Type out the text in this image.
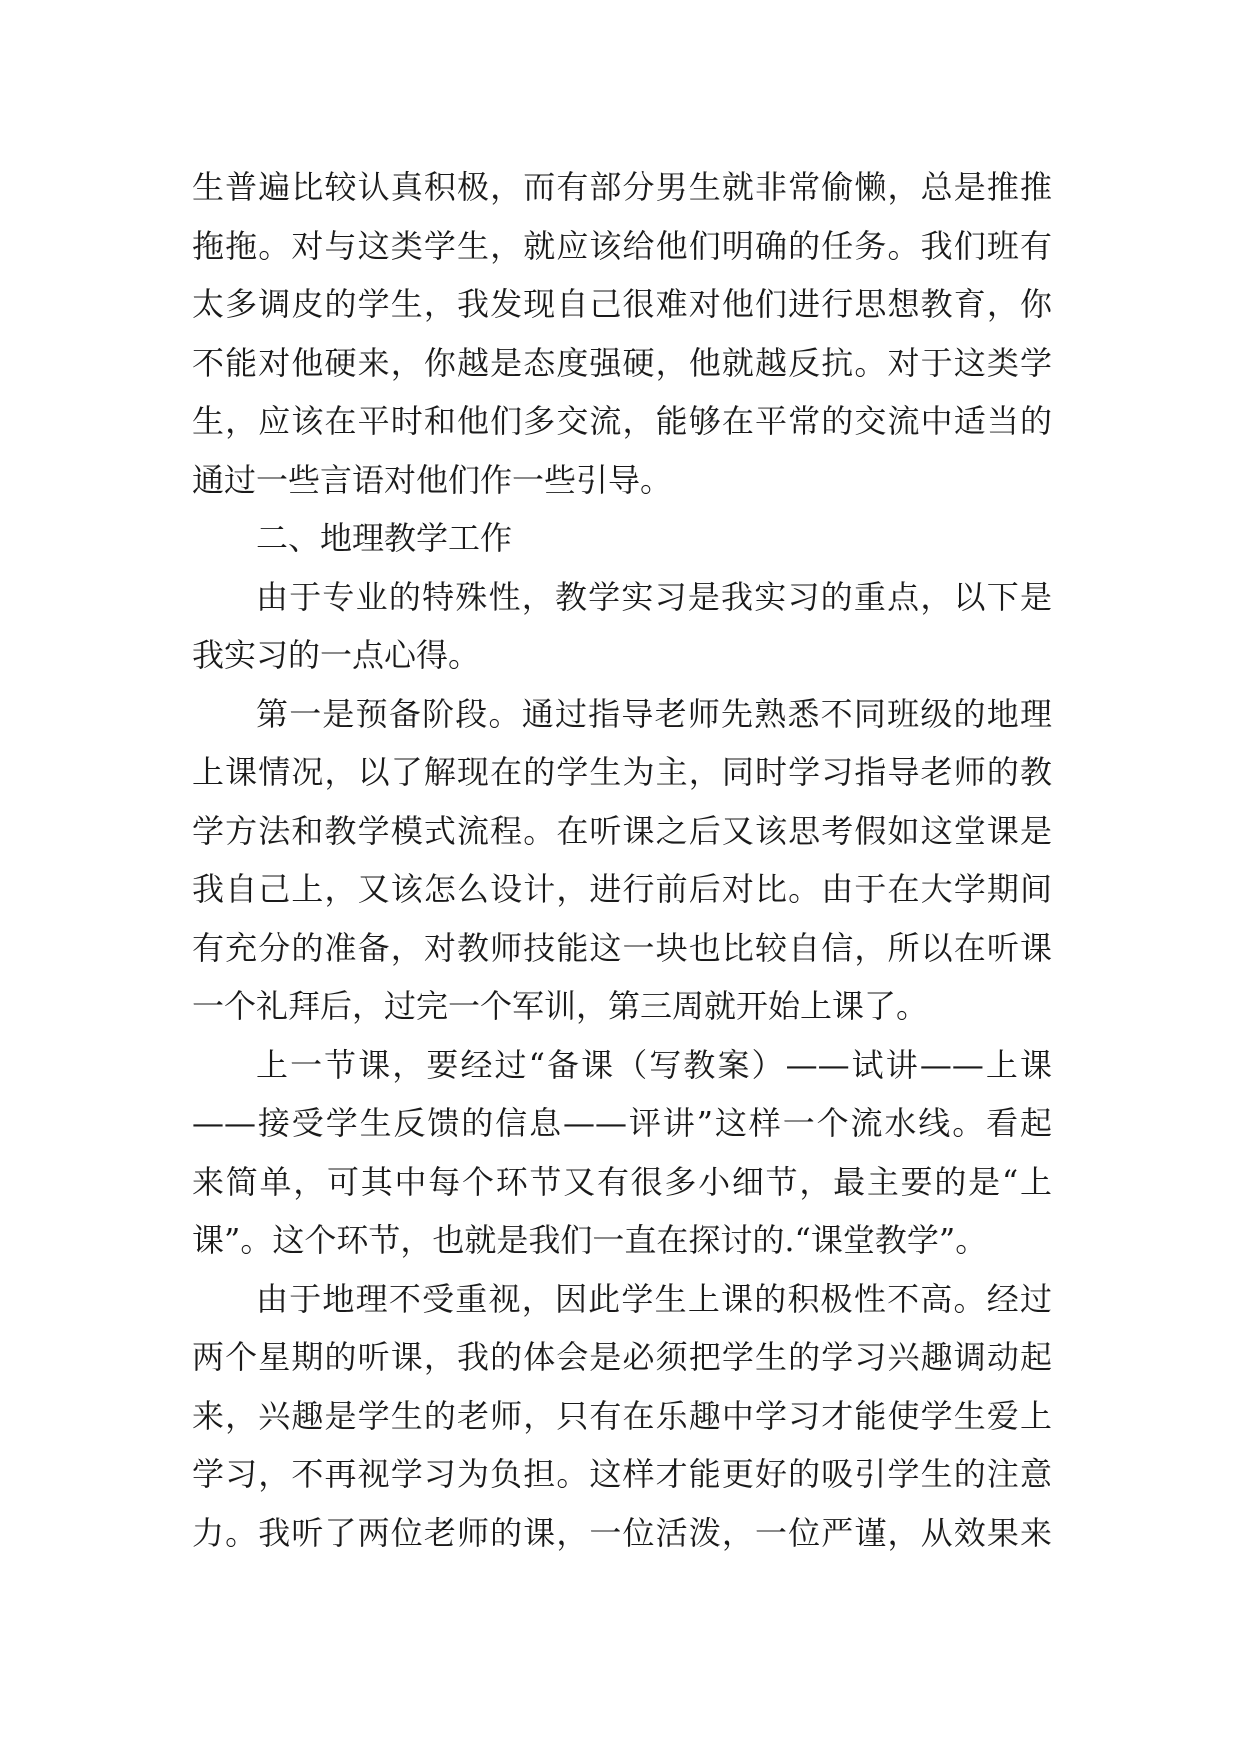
生普遍比较认真积极，而有部分男生就非常偷懒，总是推推
拖拖。对与这类学生，就应该给他们明确的任务。我们班有
太多调皮的学生，我发现自己很难对他们进行思想教育，你
不能对他硬来，你越是态度强硬，他就越反抗。对于这类学
生，应该在平时和他们多交流，能够在平常的交流中适当的
通过一些言语对他们作一些引导。
二、地理教学工作
由于专业的特殊性，教学实习是我实习的重点，以下是
我实习的一点心得。
第一是预备阶段。通过指导老师先熟悉不同班级的地理
上课情况，以了解现在的学生为主，同时学习指导老师的教
学方法和教学模式流程。在听课之后又该思考假如这堂课是
我自己上，又该怎么设计，进行前后对比。由于在大学期间
有充分的准备，对教师技能这一块也比较自信，所以在听课
一个礼拜后，过完一个军训，第三周就开始上课了。
上一节课，要经过“备课（写教案）——试讲——上课
——接受学生反馈的信息——评讲”这样一个流水线。看起
来简单，可其中每个环节又有很多小细节，最主要的是“上
课”。这个环节，也就是我们一直在探讨的.“课堂教学”。
由于地理不受重视，因此学生上课的积极性不高。经过
两个星期的听课，我的体会是必须把学生的学习兴趣调动起
来，兴趣是学生的老师，只有在乐趣中学习才能使学生爱上
学习，不再视学习为负担。这样才能更好的吸引学生的注意
力。我听了两位老师的课，一位活泼，一位严谨，从效果来
